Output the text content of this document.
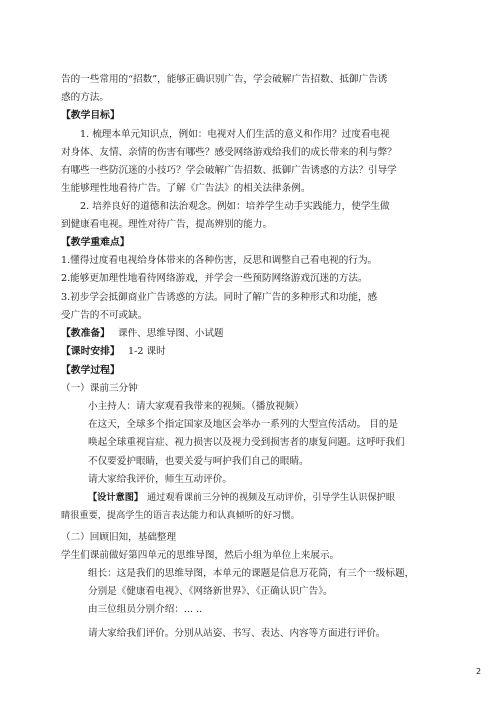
告的一些常用的“招数”，能够正确识别广告，学会破解广告招数、抵御广告诱
惑的方法。
【教学目标】
1. 梳理本单元知识点，例如：电视对人们生活的意义和作用？过度看电视
对身体、友情、亲情的伤害有哪些？感受网络游戏给我们的成长带来的利与弊？
有哪些一些防沉迷的小技巧？学会破解广告招数、抵御广告诱惑的方法？引导学
生能够理性地看待广告。了解《广告法》的相关法律条例。
2. 培养良好的道德和法治观念。例如：培养学生动手实践能力，使学生做
到健康看电视。理性对待广告，提高辨别的能力。
【教学重难点】
1.懂得过度看电视给身体带来的各种伤害，反思和调整自己看电视的行为。
2.能够更加理性地看待网络游戏，并学会一些预防网络游戏沉迷的方法。
3.初步学会抵御商业广告诱惑的方法。同时了解广告的多种形式和功能，感
受广告的不可或缺。
【教准备】 课件、思维导图、小试题
【课时安排】 1-2 课时
【教学过程】
（一）课前三分钟
小主持人：请大家观看我带来的视频。（播放视频）
在这天，全球多个指定国家及地区会举办一系列的大型宣传活动。 目的是
唤起全球重视盲症、视力损害以及视力受到损害者的康复问题。这呼吁我们
不仅要爱护眼睛，也要关爱与呵护我们自己的眼睛。
请大家给我评价，师生互动评价。
【设计意图】 通过观看课前三分钟的视频及互动评价，引导学生认识保护眼
睛很重要，提高学生的语言表达能力和认真倾听的好习惯。
（二）回顾旧知，基础整理
学生们课前做好第四单元的思维导图，然后小组为单位上来展示。
组长：这是我们的思维导图，本单元的课题是信息万花筒，有三个一级标题，
分别是《健康看电视》、《网络新世界》、《正确认识广告》。
由三位组员分别介绍：... ..
请大家给我们评价。分别从站姿、书写、表达、内容等方面进行评价。
2
